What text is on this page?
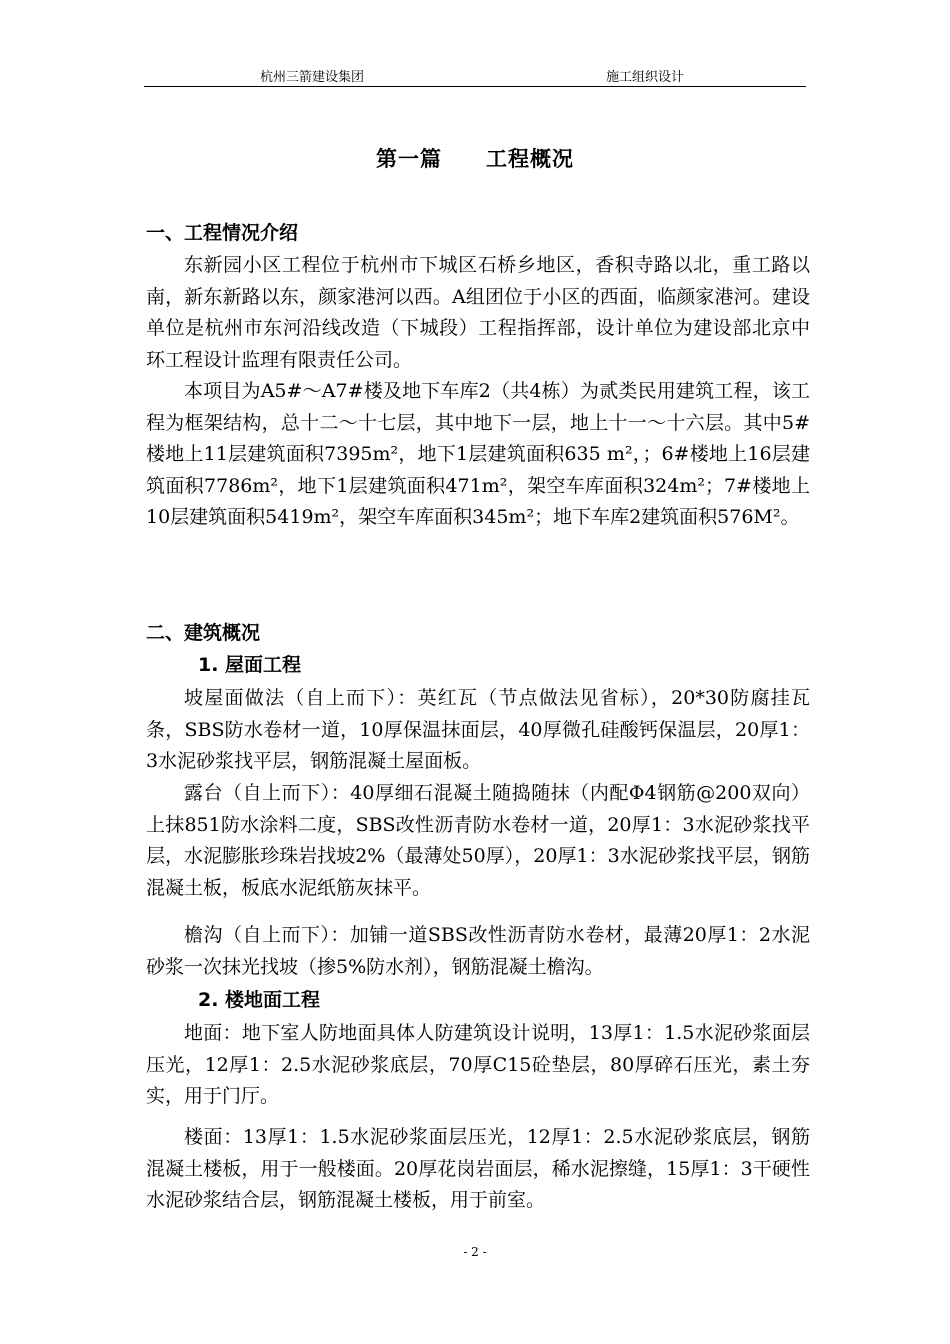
杭州三箭建设集团	施工组织设计
第一篇　　工程概况
一、工程情况介绍

东新园小区工程位于杭州市下城区石桥乡地区，香积寺路以北，重工路以南，新东新路以东，颜家港河以西。A组团位于小区的西面，临颜家港河。建设单位是杭州市东河沿线改造（下城段）工程指挥部，设计单位为建设部北京中环工程设计监理有限责任公司。

本项目为A5#～A7#楼及地下车库2（共4栋）为贰类民用建筑工程，该工程为框架结构，总十二～十七层，其中地下一层，地上十一～十六层。其中5#楼地上11层建筑面积7395m²，地下1层建筑面积635 m²，；6#楼地上16层建筑面积7786m²，地下1层建筑面积471m²，架空车库面积324m²；7#楼地上10层建筑面积5419m²，架空车库面积345m²；地下车库2建筑面积576M²。

二、建筑概况
1. 屋面工程

坡屋面做法（自上而下）：英红瓦（节点做法见省标），20*30防腐挂瓦条，SBS防水卷材一道，10厚保温抹面层，40厚微孔硅酸钙保温层，20厚1：3水泥砂浆找平层，钢筋混凝土屋面板。

露台（自上而下）：40厚细石混凝土随捣随抹（内配Φ4钢筋@200双向）上抹851防水涂料二度，SBS改性沥青防水卷材一道，20厚1：3水泥砂浆找平层，水泥膨胀珍珠岩找坡2%（最薄处50厚），20厚1：3水泥砂浆找平层，钢筋混凝土板，板底水泥纸筋灰抹平。

檐沟（自上而下）：加铺一道SBS改性沥青防水卷材，最薄20厚1：2水泥砂浆一次抹光找坡（掺5%防水剂），钢筋混凝土檐沟。

2. 楼地面工程

地面：地下室人防地面具体人防建筑设计说明，13厚1：1.5水泥砂浆面层压光，12厚1：2.5水泥砂浆底层，70厚C15砼垫层，80厚碎石压光，素土夯实，用于门厅。

楼面：13厚1：1.5水泥砂浆面层压光，12厚1：2.5水泥砂浆底层，钢筋混凝土楼板，用于一般楼面。20厚花岗岩面层，稀水泥擦缝，15厚1：3干硬性水泥砂浆结合层，钢筋混凝土楼板，用于前室。

- 2 -
